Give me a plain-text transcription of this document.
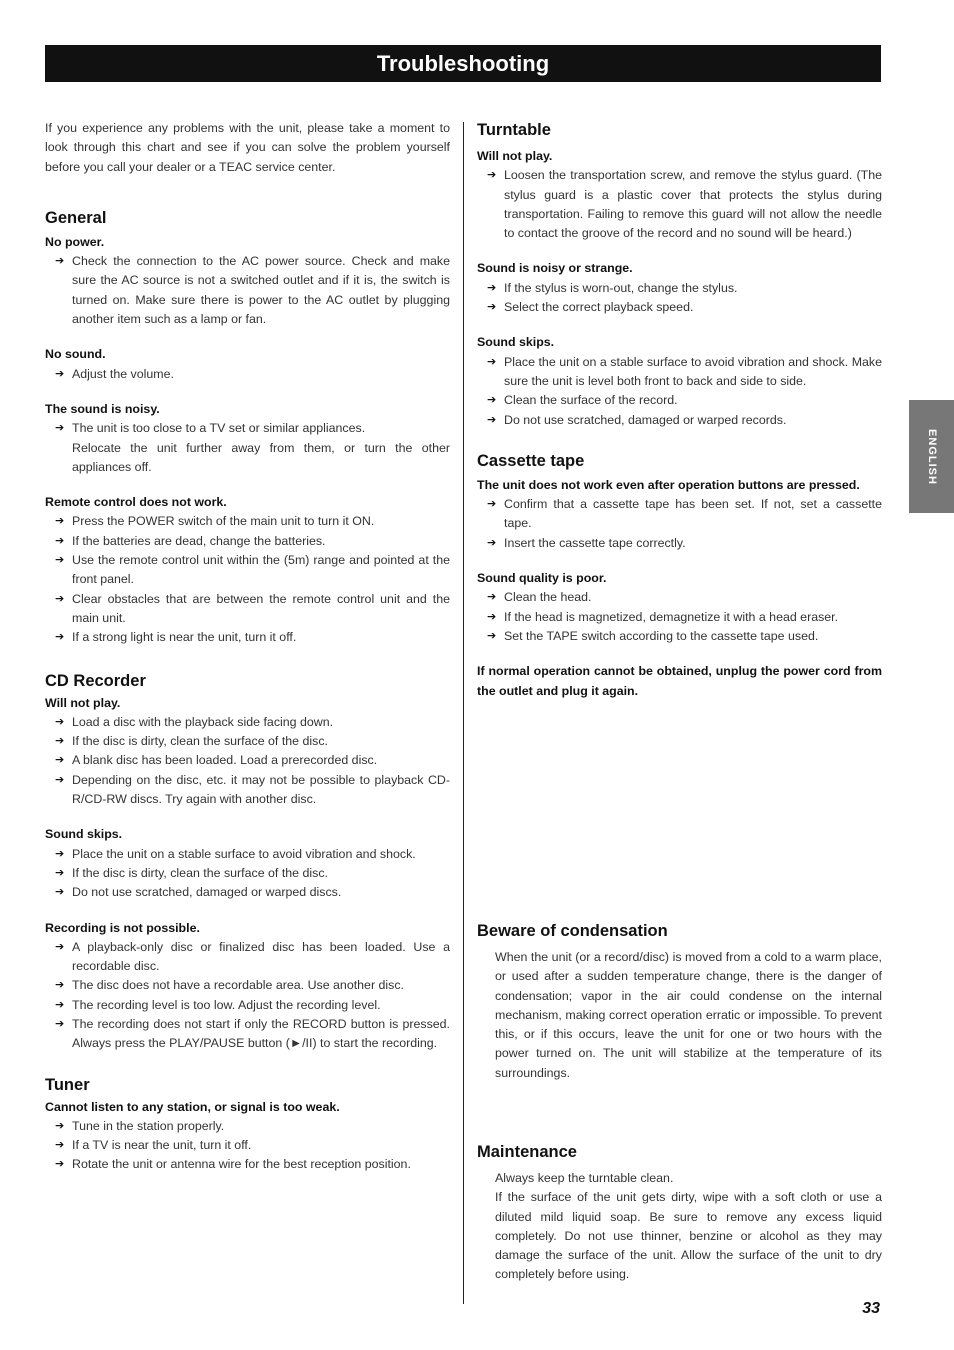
Troubleshooting

If you experience any problems with the unit, please take a moment to look through this chart and see if you can solve the problem yourself before you call your dealer or a TEAC service center.

General

No power.

➔ Check the connection to the AC power source. Check and make sure the AC source is not a switched outlet and if it is, the switch is turned on. Make sure there is power to the AC outlet by plugging another item such as a lamp or fan.

No sound.

➔ Adjust the volume.

The sound is noisy.

➔ The unit is too close to a TV set or similar appliances.

Relocate the unit further away from them, or turn the other appliances off.

Remote control does not work.

➔ Press the POWER switch of the main unit to turn it ON.
➔ If the batteries are dead, change the batteries.
➔ Use the remote control unit within the (5m) range and pointed at the front panel.
➔ Clear obstacles that are between the remote control unit and the main unit.
➔ If a strong light is near the unit, turn it off.
CD Recorder

Will not play.

➔ Load a disc with the playback side facing down.
➔ If the disc is dirty, clean the surface of the disc.
➔ A blank disc has been loaded. Load a prerecorded disc.
➔ Depending on the disc, etc. it may not be possible to playback CD-R/CD-RW discs. Try again with another disc.

Sound skips.

➔ Place the unit on a stable surface to avoid vibration and shock.
➔ If the disc is dirty, clean the surface of the disc.
➔ Do not use scratched, damaged or warped discs.

Recording is not possible.

➔ A playback-only disc or finalized disc has been loaded. Use a recordable disc.
➔ The disc does not have a recordable area. Use another disc.
➔ The recording level is too low. Adjust the recording level.
➔ The recording does not start if only the RECORD button is pressed. Always press the PLAY/PAUSE button (►/II) to start the recording.
Tuner

Cannot listen to any station, or signal is too weak.

➔ Tune in the station properly.
➔ If a TV is near the unit, turn it off.
➔ Rotate the unit or antenna wire for the best reception position.
Turntable

Will not play.

➔ Loosen the transportation screw, and remove the stylus guard. (The stylus guard is a plastic cover that protects the stylus during transportation. Failing to remove this guard will not allow the needle to contact the groove of the record and no sound will be heard.)

Sound is noisy or strange.

➔ If the stylus is worn-out, change the stylus.
➔ Select the correct playback speed.

Sound skips.

➔ Place the unit on a stable surface to avoid vibration and shock. Make sure the unit is level both front to back and side to side.
➔ Clean the surface of the record.
➔ Do not use scratched, damaged or warped records.
Cassette tape

The unit does not work even after operation buttons are pressed.

➔ Confirm that a cassette tape has been set. If not, set a cassette tape.
➔ Insert the cassette tape correctly.

Sound quality is poor.

➔ Clean the head.
➔ If the head is magnetized, demagnetize it with a head eraser.
➔ Set the TAPE switch according to the cassette tape used.

If normal operation cannot be obtained, unplug the power cord from the outlet and plug it again.

Beware of condensation

When the unit (or a record/disc) is moved from a cold to a warm place, or used after a sudden temperature change, there is the danger of condensation; vapor in the air could condense on the internal mechanism, making correct operation erratic or impossible. To prevent this, or if this occurs, leave the unit for one or two hours with the power turned on. The unit will stabilize at the temperature of its surroundings.

Maintenance

Always keep the turntable clean.

If the surface of the unit gets dirty, wipe with a soft cloth or use a diluted mild liquid soap. Be sure to remove any excess liquid completely. Do not use thinner, benzine or alcohol as they may damage the surface of the unit. Allow the surface of the unit to dry completely before using.

ENGLISH
33
